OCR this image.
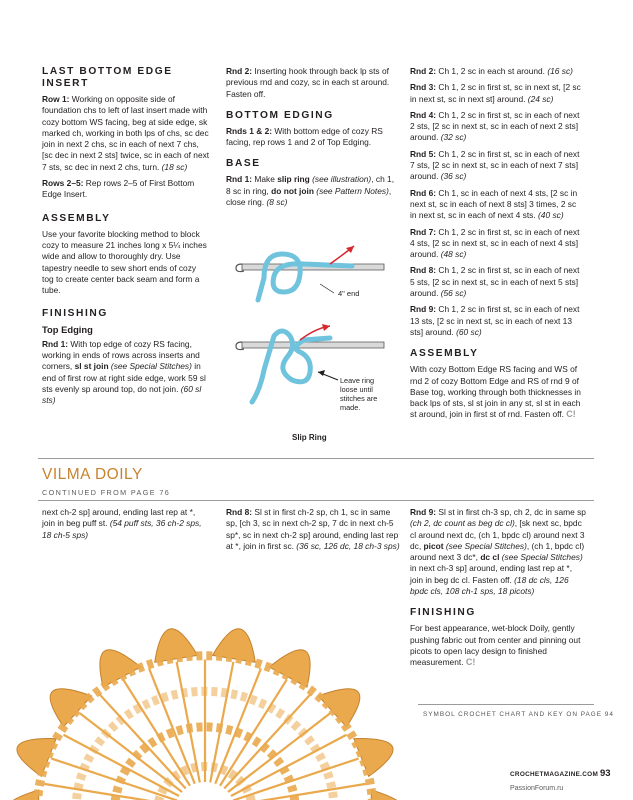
LAST BOTTOM EDGE INSERT

Row 1: Working on opposite side of foundation chs to left of last insert made with cozy bottom WS facing, beg at side edge, sk marked ch, working in both lps of chs, sc dec join in next 2 chs, sc in each of next 7 chs, [sc dec in next 2 sts] twice, sc in each of next 7 sts, sc dec in next 2 chs, turn. (18 sc)

Rows 2–5: Rep rows 2–5 of First Bottom Edge Insert.

ASSEMBLY

Use your favorite blocking method to block cozy to measure 21 inches long x 5¼ inches wide and allow to thoroughly dry. Use tapestry needle to sew short ends of cozy tog to create center back seam and form a tube.

FINISHING
Top Edging

Rnd 1: With top edge of cozy RS facing, working in ends of rows across inserts and corners, sl st join (see Special Stitches) in end of first row at right side edge, work 59 sl sts evenly sp around top, do not join. (60 sl sts)

Rnd 2: Inserting hook through back lp sts of previous rnd and cozy, sc in each st around. Fasten off.

BOTTOM EDGING

Rnds 1 & 2: With bottom edge of cozy RS facing, rep rows 1 and 2 of Top Edging.

BASE

Rnd 1: Make slip ring (see illustration), ch 1, 8 sc in ring, do not join (see Pattern Notes), close ring. (8 sc)

4" end
Leave ring
loose until
stitches are
made.
Slip Ring

Rnd 2: Ch 1, 2 sc in each st around. (16 sc)

Rnd 3: Ch 1, 2 sc in first st, sc in next st, [2 sc in next st, sc in next st] around. (24 sc)

Rnd 4: Ch 1, 2 sc in first st, sc in each of next 2 sts, [2 sc in next st, sc in each of next 2 sts] around. (32 sc)

Rnd 5: Ch 1, 2 sc in first st, sc in each of next 7 sts, [2 sc in next st, sc in each of next 7 sts] around. (36 sc)

Rnd 6: Ch 1, sc in each of next 4 sts, [2 sc in next st, sc in each of next 8 sts] 3 times, 2 sc in next st, sc in each of next 4 sts. (40 sc)

Rnd 7: Ch 1, 2 sc in first st, sc in each of next 4 sts, [2 sc in next st, sc in each of next 4 sts] around. (48 sc)

Rnd 8: Ch 1, 2 sc in first st, sc in each of next 5 sts, [2 sc in next st, sc in each of next 5 sts] around. (56 sc)

Rnd 9: Ch 1, 2 sc in first st, sc in each of next 13 sts, [2 sc in next st, sc in each of next 13 sts] around. (60 sc)

ASSEMBLY

With cozy Bottom Edge RS facing and WS of rnd 2 of cozy Bottom Edge and RS of rnd 9 of Base tog, working through both thicknesses in back lps of sts, sl st join in any st, sl st in each st around, join in first st of rnd. Fasten off. C!

VILMA DOILY
CONTINUED FROM PAGE 76

next ch-2 sp] around, ending last rep at *, join in beg puff st. (54 puff sts, 36 ch-2 sps, 18 ch-5 sps)

Rnd 8: Sl st in first ch-2 sp, ch 1, sc in same sp, [ch 3, sc in next ch-2 sp, 7 dc in next ch-5 sp*, sc in next ch-2 sp] around, ending last rep at *, join in first sc. (36 sc, 126 dc, 18 ch-3 sps)

Rnd 9: Sl st in first ch-3 sp, ch 2, dc in same sp (ch 2, dc count as beg dc cl), [sk next sc, bpdc cl around next dc, (ch 1, bpdc cl) around next 3 dc, picot (see Special Stitches), (ch 1, bpdc cl) around next 3 dc*, dc cl (see Special Stitches) in next ch-3 sp] around, ending last rep at *, join in beg dc cl. Fasten off. (18 dc cls, 126 bpdc cls, 108 ch-1 sps, 18 picots)

FINISHING

For best appearance, wet-block Doily, gently pushing fabric out from center and pinning out picots to open lacy design to finished measurement. C!

SYMBOL CROCHET CHART AND KEY ON PAGE 94
CROCHETMAGAZINE.COM 93
PassionForum.ru
